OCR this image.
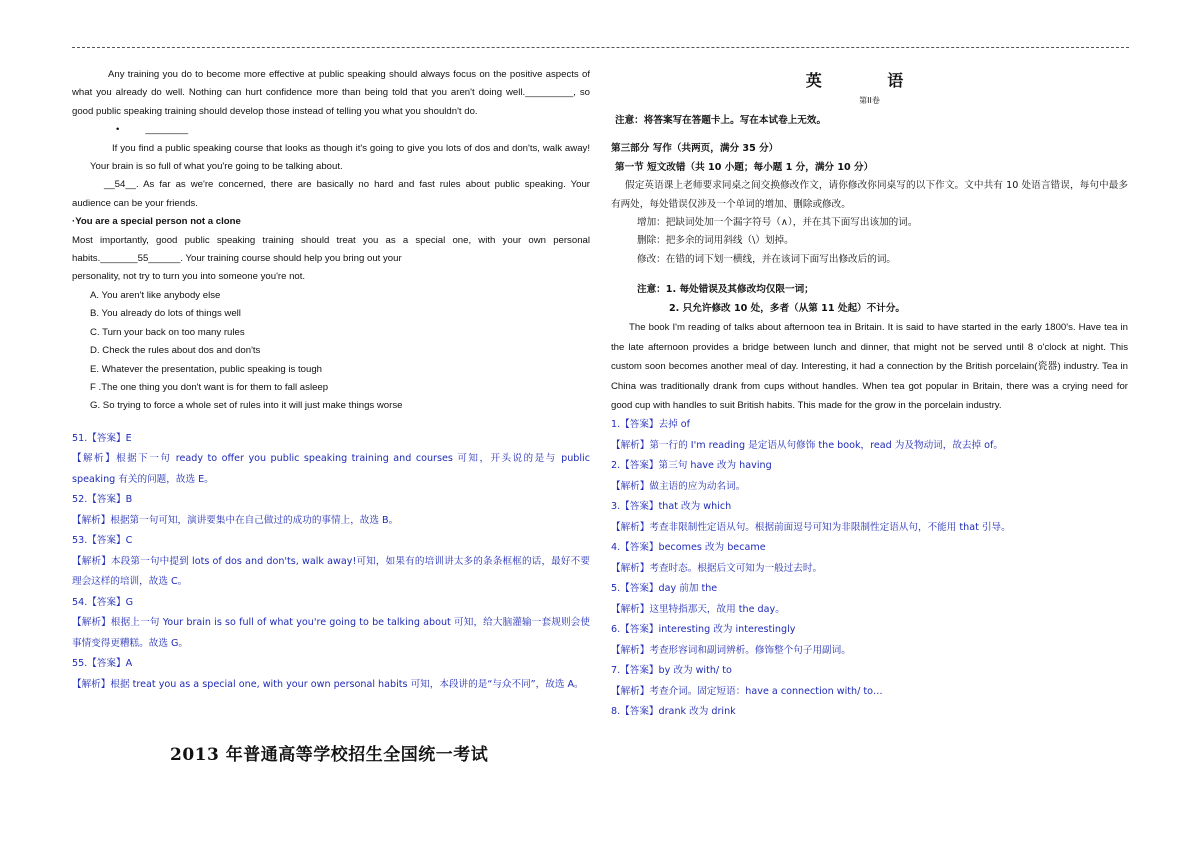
Any training you do to become more effective at public speaking should always focus on the positive aspects of what you already do well. Nothing can hurt confidence more than being told that you aren't doing well._________, so good public speaking training should develop those instead of telling you what you shouldn't do.

•	________

If you find a public speaking course that looks as though it's going to give you lots of dos and don'ts, walk away! Your brain is so full of what you're going to be talking about.

__54__. As far as we're concerned, there are basically no hard and fast rules about public speaking. Your audience can be your friends.

·You are a special person not a clone

Most importantly, good public speaking training should treat you as a special one, with your own personal habits._______55______. Your training course should help you bring out your

personality, not try to turn you into someone you're not.

A. You aren't like anybody else

B. You already do lots of things well

C. Turn your back on too many rules

D. Check the rules about dos and don'ts

E. Whatever the presentation, public speaking is tough

F .The one thing you don't want is for them to fall asleep

G. So trying to force a whole set of rules into it will just make things worse

51.【答案】E

【解析】根据下一句 ready to offer you public speaking training and courses 可知，开头说的是与 public speaking 有关的问题，故选 E。

52.【答案】B

【解析】根据第一句可知，演讲要集中在自己做过的成功的事情上，故选 B。

53.【答案】C

【解析】本段第一句中提到 lots of dos and don'ts, walk away!可知，如果有的培训讲太多的条条框框的话，最好不要理会这样的培训，故选 C。

54.【答案】G

【解析】根据上一句 Your brain is so full of what you're going to be talking about 可知，给大脑灌输一套规则会使事情变得更糟糕。故选 G。

55.【答案】A

【解析】根据 treat you as a special one, with your own personal habits 可知，本段讲的是“与众不同”，故选 A。

2013 年普通高等学校招生全国统一考试

英 语

第II卷

注意：将答案写在答题卡上。写在本试卷上无效。

第三部分 写作（共两页，满分 35 分）

第一节 短文改错（共 10 小题；每小题 1 分，满分 10 分）

假定英语课上老师要求同桌之间交换修改作文，请你修改你同桌写的以下作文。文中共有 10 处语言错误，每句中最多有两处，每处错误仅涉及一个单词的增加、删除或修改。

增加：把缺词处加一个漏字符号（∧），并在其下面写出该加的词。

删除：把多余的词用斜线（\）划掉。

修改：在错的词下划一横线，并在该词下面写出修改后的词。

注意：1. 每处错误及其修改均仅限一词；

2. 只允许修改 10 处，多者（从第 11 处起）不计分。

The book I'm reading of talks about afternoon tea in Britain. It is said to have started in the early 1800's. Have tea in the late afternoon provides a bridge between lunch and dinner, that might not be served until 8 o'clock at night. This custom soon becomes another meal of day. Interesting, it had a connection by the British porcelain(瓷器) industry. Tea in China was traditionally drank from cups without handles. When tea got popular in Britain, there was a crying need for good cup with handles to suit British habits. This made for the grow in the porcelain industry.

1.【答案】去掉 of

【解析】第一行的 I'm reading 是定语从句修饰 the book，read 为及物动词，故去掉 of。

2.【答案】第三句 have 改为 having

【解析】做主语的应为动名词。

3.【答案】that 改为 which

【解析】考查非限制性定语从句。根据前面逗号可知为非限制性定语从句，不能用 that 引导。

4.【答案】becomes 改为 became

【解析】考查时态。根据后文可知为一般过去时。

5.【答案】day 前加 the

【解析】这里特指那天，故用 the day。

6.【答案】interesting 改为 interestingly

【解析】考查形容词和副词辨析。修饰整个句子用副词。

7.【答案】by 改为 with/ to

【解析】考查介词。固定短语：have a connection with/ to…

8.【答案】drank 改为 drink
